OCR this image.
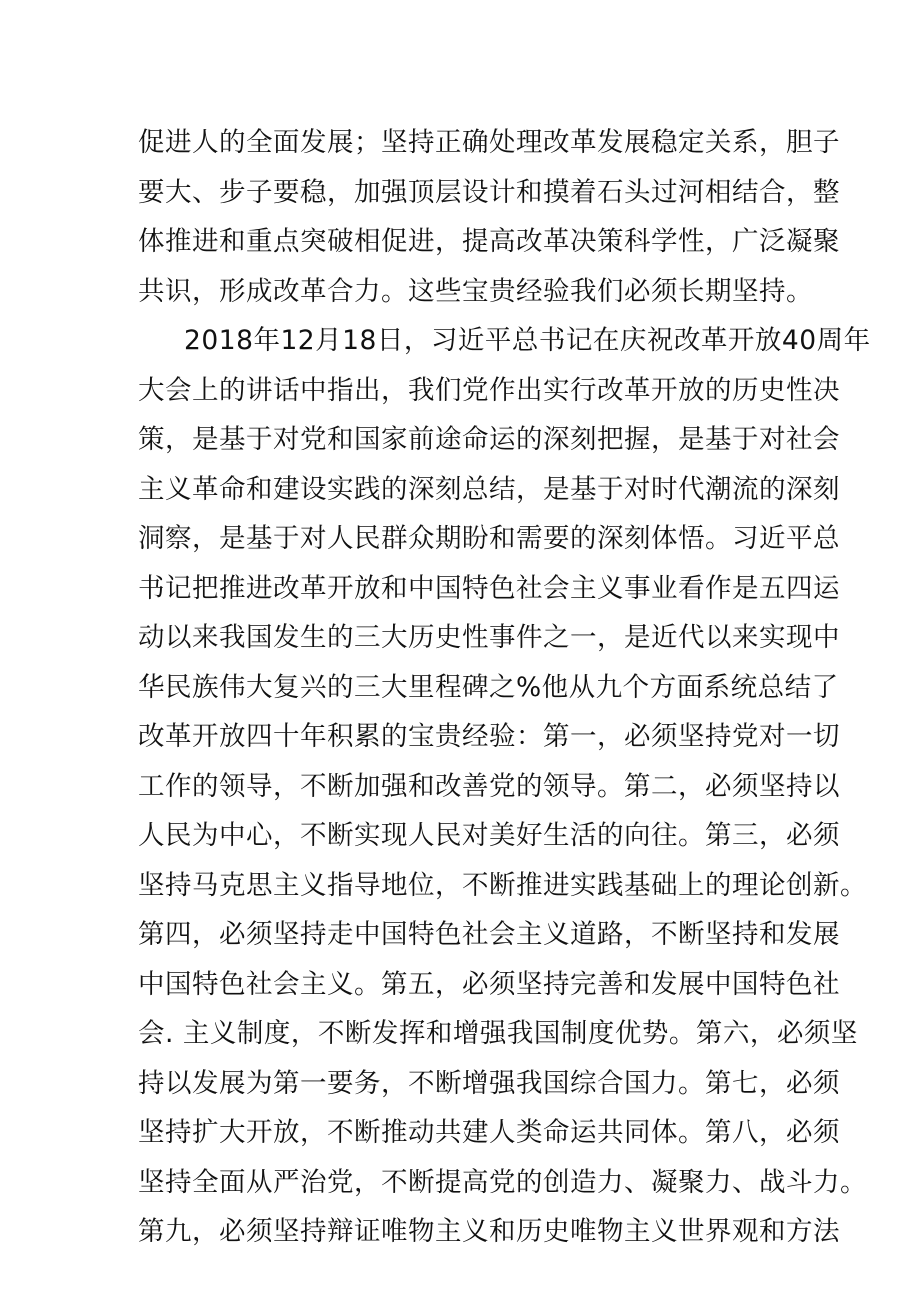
促进人的全面发展；坚持正确处理改革发展稳定关系，胆子
要大、步子要稳，加强顶层设计和摸着石头过河相结合，整
体推进和重点突破相促进，提高改革决策科学性，广泛凝聚
共识，形成改革合力。这些宝贵经验我们必须长期坚持。
2018年12月18日，习近平总书记在庆祝改革开放40周年
大会上的讲话中指出，我们党作出实行改革开放的历史性决
策，是基于对党和国家前途命运的深刻把握，是基于对社会
主义革命和建设实践的深刻总结，是基于对时代潮流的深刻
洞察，是基于对人民群众期盼和需要的深刻体悟。习近平总
书记把推进改革开放和中国特色社会主义事业看作是五四运
动以来我国发生的三大历史性事件之一，是近代以来实现中
华民族伟大复兴的三大里程碑之%他从九个方面系统总结了
改革开放四十年积累的宝贵经验：第一，必须坚持党对一切
工作的领导，不断加强和改善党的领导。第二，必须坚持以
人民为中心，不断实现人民对美好生活的向往。第三，必须
坚持马克思主义指导地位，不断推进实践基础上的理论创新。
第四，必须坚持走中国特色社会主义道路，不断坚持和发展
中国特色社会主义。第五，必须坚持完善和发展中国特色社
会. 主义制度，不断发挥和增强我国制度优势。第六，必须坚
持以发展为第一要务，不断增强我国综合国力。第七，必须
坚持扩大开放，不断推动共建人类命运共同体。第八，必须
坚持全面从严治党，不断提高党的创造力、凝聚力、战斗力。
第九，必须坚持辩证唯物主义和历史唯物主义世界观和方法
